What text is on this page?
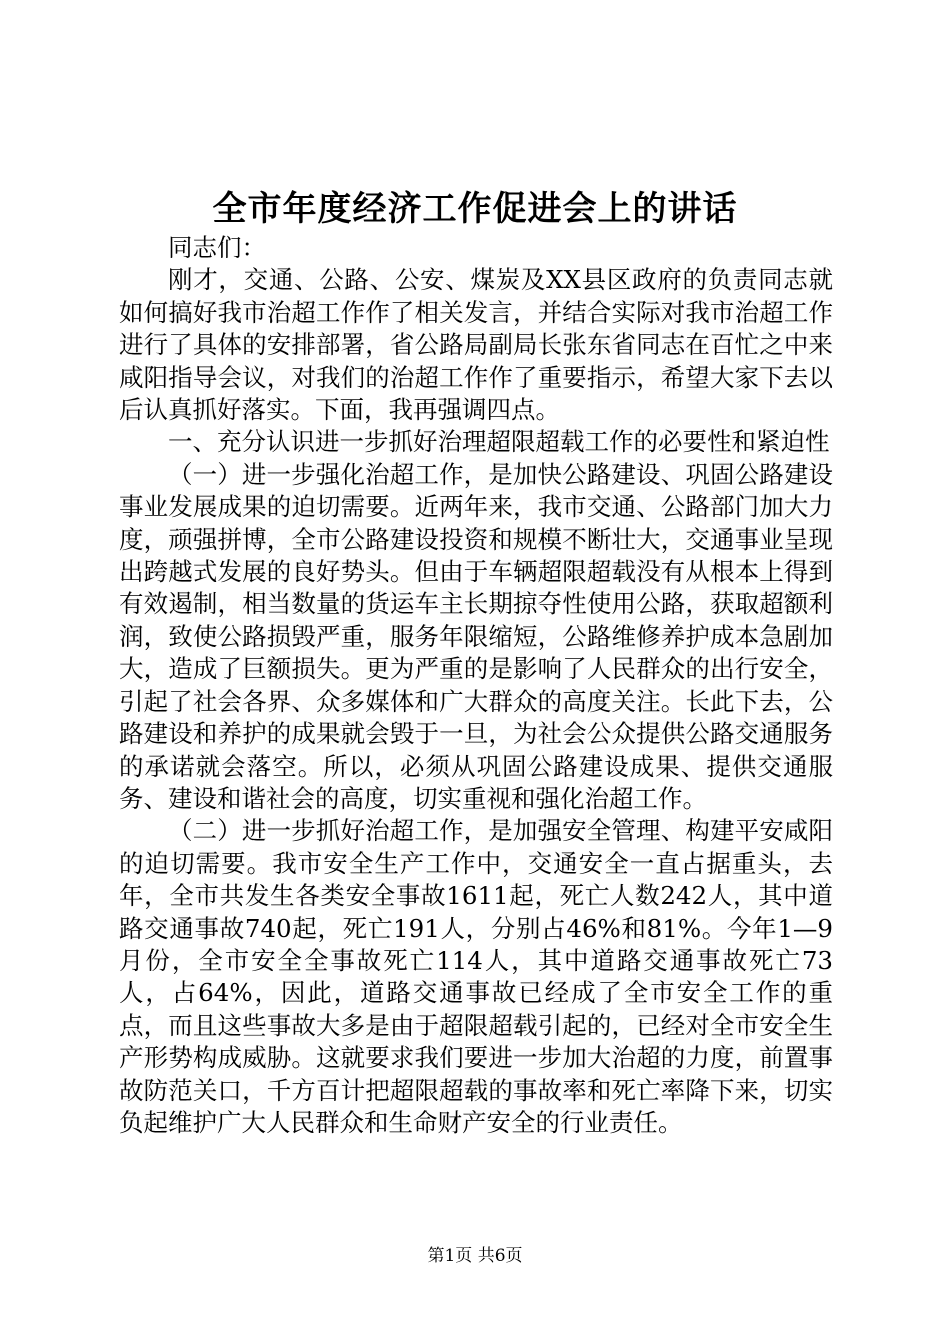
全市年度经济工作促进会上的讲话

同志们：

刚才，交通、公路、公安、煤炭及XX县区政府的负责同志就如何搞好我市治超工作作了相关发言，并结合实际对我市治超工作进行了具体的安排部署，省公路局副局长张东省同志在百忙之中来咸阳指导会议，对我们的治超工作作了重要指示，希望大家下去以后认真抓好落实。下面，我再强调四点。

一、充分认识进一步抓好治理超限超载工作的必要性和紧迫性

（一）进一步强化治超工作，是加快公路建设、巩固公路建设事业发展成果的迫切需要。近两年来，我市交通、公路部门加大力度，顽强拼博，全市公路建设投资和规模不断壮大，交通事业呈现出跨越式发展的良好势头。但由于车辆超限超载没有从根本上得到有效遏制，相当数量的货运车主长期掠夺性使用公路，获取超额利润，致使公路损毁严重，服务年限缩短，公路维修养护成本急剧加大，造成了巨额损失。更为严重的是影响了人民群众的出行安全，引起了社会各界、众多媒体和广大群众的高度关注。长此下去，公路建设和养护的成果就会毁于一旦，为社会公众提供公路交通服务的承诺就会落空。所以，必须从巩固公路建设成果、提供交通服务、建设和谐社会的高度，切实重视和强化治超工作。

（二）进一步抓好治超工作，是加强安全管理、构建平安咸阳的迫切需要。我市安全生产工作中，交通安全一直占据重头，去年，全市共发生各类安全事故1611起，死亡人数242人，其中道路交通事故740起，死亡191人，分别占46%和81%。今年1—9月份，全市安全全事故死亡114人，其中道路交通事故死亡73人，占64%，因此，道路交通事故已经成了全市安全工作的重点，而且这些事故大多是由于超限超载引起的，已经对全市安全生产形势构成威胁。这就要求我们要进一步加大治超的力度，前置事故防范关口，千方百计把超限超载的事故率和死亡率降下来，切实负起维护广大人民群众和生命财产安全的行业责任。

第1页 共6页
